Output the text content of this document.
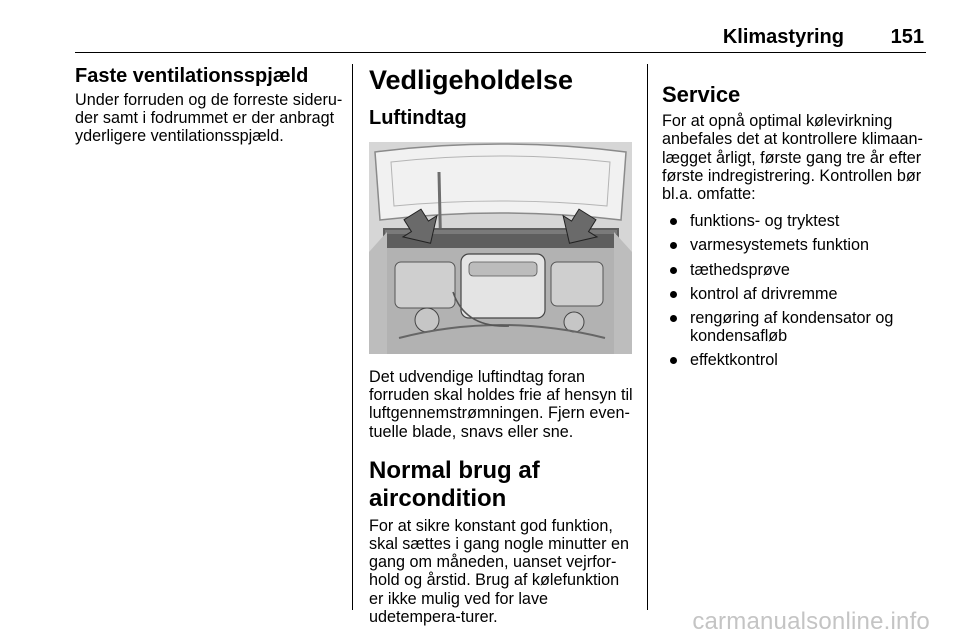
Klimastyring 151
Faste ventilationsspjæld

Under forruden og de forreste sideru-der samt i fodrummet er der anbragt yderligere ventilationsspjæld.

Vedligeholdelse
Luftindtag

Det udvendige luftindtag foran forruden skal holdes frie af hensyn til luftgennemstrømningen. Fjern even-tuelle blade, snavs eller sne.

Normal brug af aircondition

For at sikre konstant god funktion, skal sættes i gang nogle minutter en gang om måneden, uanset vejrfor-hold og årstid. Brug af kølefunktion er ikke mulig ved for lave udetempera-turer.

Service

For at opnå optimal kølevirkning anbefales det at kontrollere klimaan-lægget årligt, første gang tre år efter første indregistrering. Kontrollen bør bl.a. omfatte:

funktions- og tryktest
varmesystemets funktion
tæthedsprøve
kontrol af drivremme
rengøring af kondensator og kondensafløb
effektkontrol
carmanualsonline.info
